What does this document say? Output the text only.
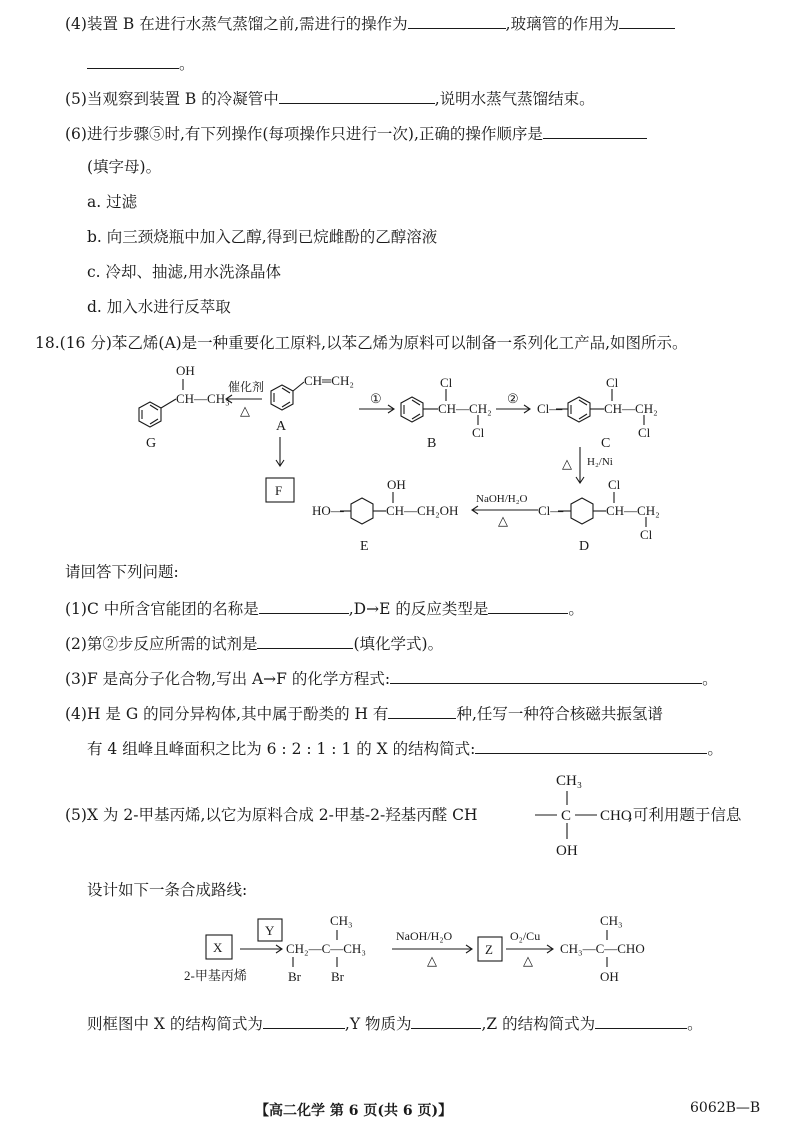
(4)装置 B 在进行水蒸气蒸馏之前,需进行的操作为	,玻璃管的作用为
。
(5)当观察到装置 B 的冷凝管中	,说明水蒸气蒸馏结束。
(6)进行步骤⑤时,有下列操作(每项操作只进行一次),正确的操作顺序是
(填字母)。
a. 过滤
b. 向三颈烧瓶中加入乙醇,得到已烷雌酚的乙醇溶液
c. 冷却、抽滤,用水洗涤晶体
d. 加入水进行反萃取
18.(16 分)苯乙烯(A)是一种重要化工原料,以苯乙烯为原料可以制备一系列化工产品,如图所示。
OH
CH—CH₃
催化剂
△
CH═CH₂
①
Cl
CH—CH₂
Cl
②
Cl—
Cl
CH—CH₂
Cl
△ H₂/Ni
F
Cl—
Cl
CH—CH₂
Cl
NaOH/H₂O
△
HO—
OH
CH—CH₂OH
G
A
B	C
D
E
请回答下列问题:
(1)C 中所含官能团的名称是	,D→E 的反应类型是	。
(2)第②步反应所需的试剂是	(填化学式)。
(3)F 是高分子化合物,写出 A→F 的化学方程式:	。
(4)H 是 G 的同分异构体,其中属于酚类的 H 有	种,任写一种符合核磁共振氢谱
有 4 组峰且峰面积之比为 6 : 2 : 1 : 1 的 X 的结构简式:	。
(5)X 为 2-甲基丙烯,以它为原料合成 2-甲基-2-羟基丙醛 CH
CH₃
C CHO
OH
,可利用题于信息
设计如下一条合成路线:
X
Y
2-甲基丙烯
CH₃
CH₂—C—CH₃
Br Br
NaOH/H₂O
△
Z
O₂/Cu
△
CH₃
CH₃—C—CHO
OH
则框图中 X 的结构简式为	,Y 物质为	,Z 的结构简式为	。
【高二化学 第 6 页(共 6 页)】	6062B—B
